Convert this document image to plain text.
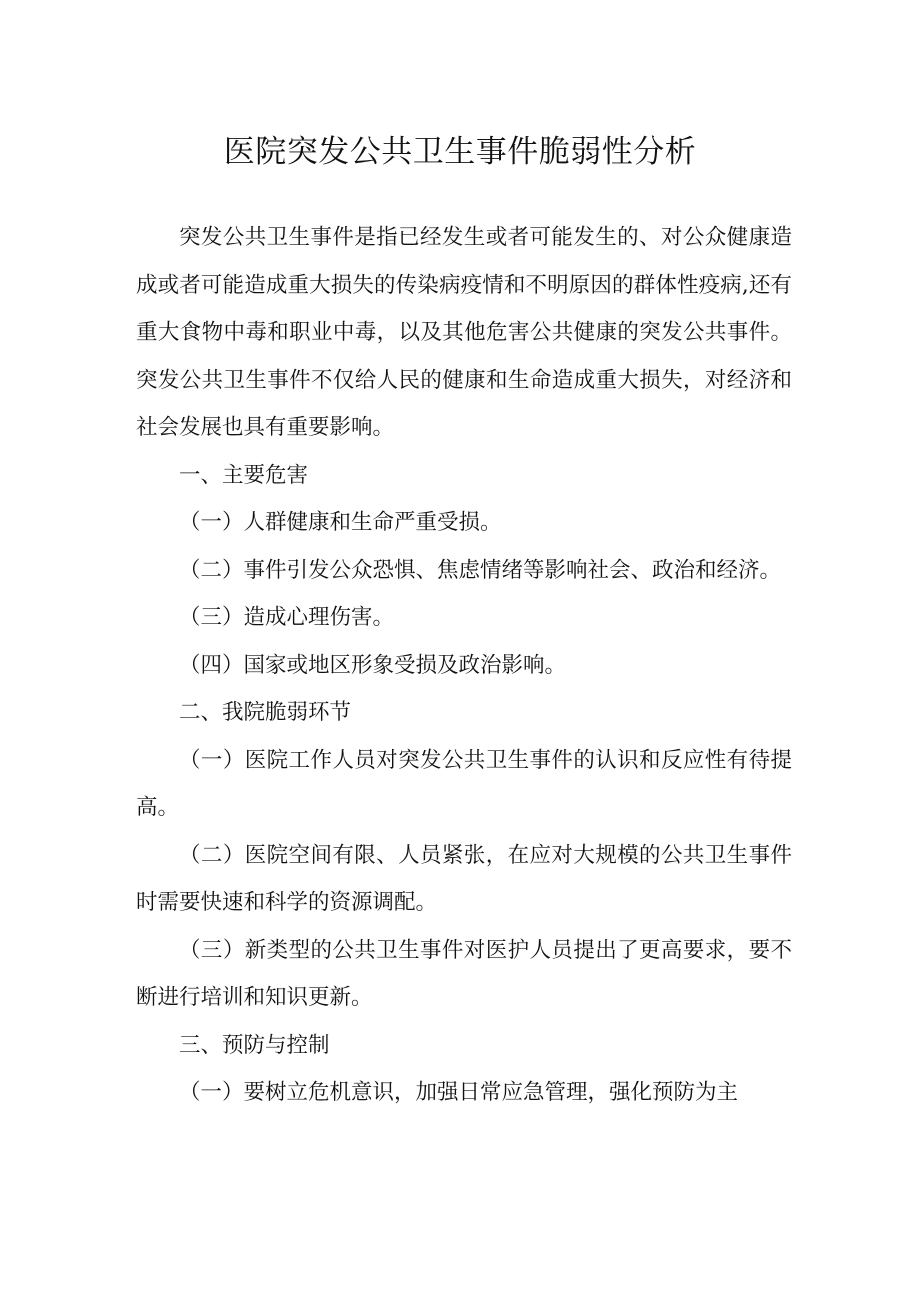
医院突发公共卫生事件脆弱性分析

突发公共卫生事件是指已经发生或者可能发生的、对公众健康造成或者可能造成重大损失的传染病疫情和不明原因的群体性疫病,还有重大食物中毒和职业中毒，以及其他危害公共健康的突发公共事件。突发公共卫生事件不仅给人民的健康和生命造成重大损失，对经济和社会发展也具有重要影响。

一、主要危害

（一）人群健康和生命严重受损。

（二）事件引发公众恐惧、焦虑情绪等影响社会、政治和经济。

（三）造成心理伤害。

（四）国家或地区形象受损及政治影响。

二、我院脆弱环节

（一）医院工作人员对突发公共卫生事件的认识和反应性有待提高。

（二）医院空间有限、人员紧张，在应对大规模的公共卫生事件时需要快速和科学的资源调配。

（三）新类型的公共卫生事件对医护人员提出了更高要求，要不断进行培训和知识更新。

三、预防与控制

（一）要树立危机意识，加强日常应急管理，强化预防为主
